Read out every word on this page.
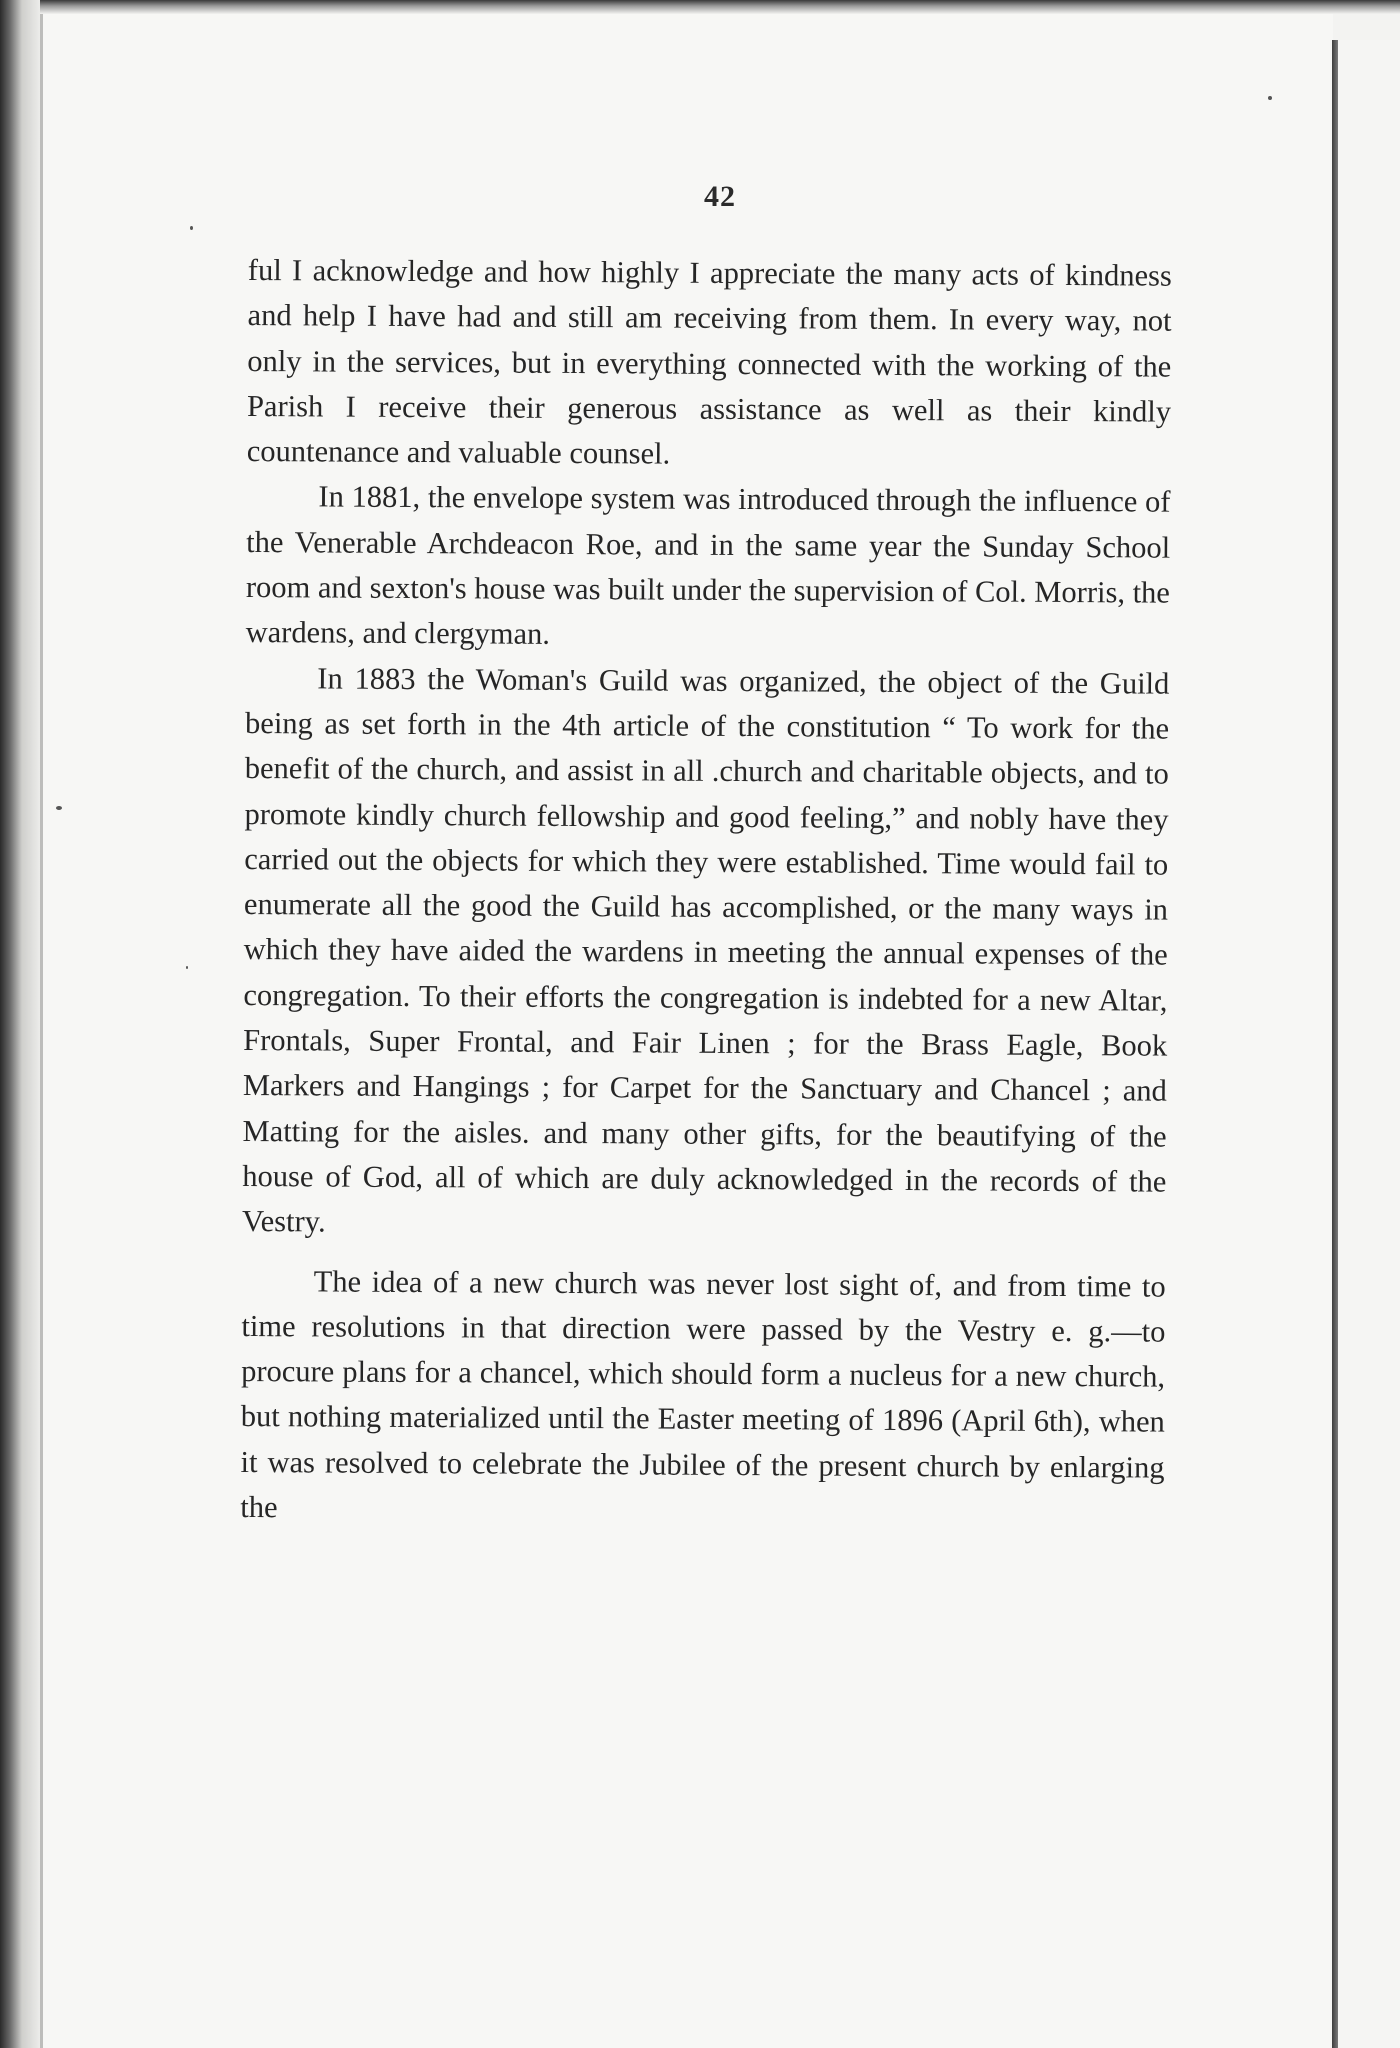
42

ful I acknowledge and how highly I appreciate the many acts of kindness and help I have had and still am receiving from them. In every way, not only in the services, but in everything connected with the working of the Parish I receive their generous assistance as well as their kindly countenance and valuable counsel.

In 1881, the envelope system was introduced through the influence of the Venerable Archdeacon Roe, and in the same year the Sunday School room and sexton's house was built under the supervision of Col. Morris, the wardens, and clergyman.

In 1883 the Woman's Guild was organized, the object of the Guild being as set forth in the 4th article of the constitution “ To work for the benefit of the church, and assist in all .church and charitable objects, and to promote kindly church fellowship and good feeling,” and nobly have they carried out the objects for which they were established. Time would fail to enumerate all the good the Guild has accomplished, or the many ways in which they have aided the wardens in meeting the annual expenses of the congregation. To their efforts the congregation is indebted for a new Altar, Frontals, Super Frontal, and Fair Linen ; for the Brass Eagle, Book Markers and Hangings ; for Carpet for the Sanctuary and Chancel ; and Matting for the aisles. and many other gifts, for the beautifying of the house of God, all of which are duly acknowledged in the records of the Vestry.

The idea of a new church was never lost sight of, and from time to time resolutions in that direction were passed by the Vestry e. g.—to procure plans for a chancel, which should form a nucleus for a new church, but nothing materialized until the Easter meeting of 1896 (April 6th), when it was resolved to celebrate the Jubilee of the present church by enlarging the
